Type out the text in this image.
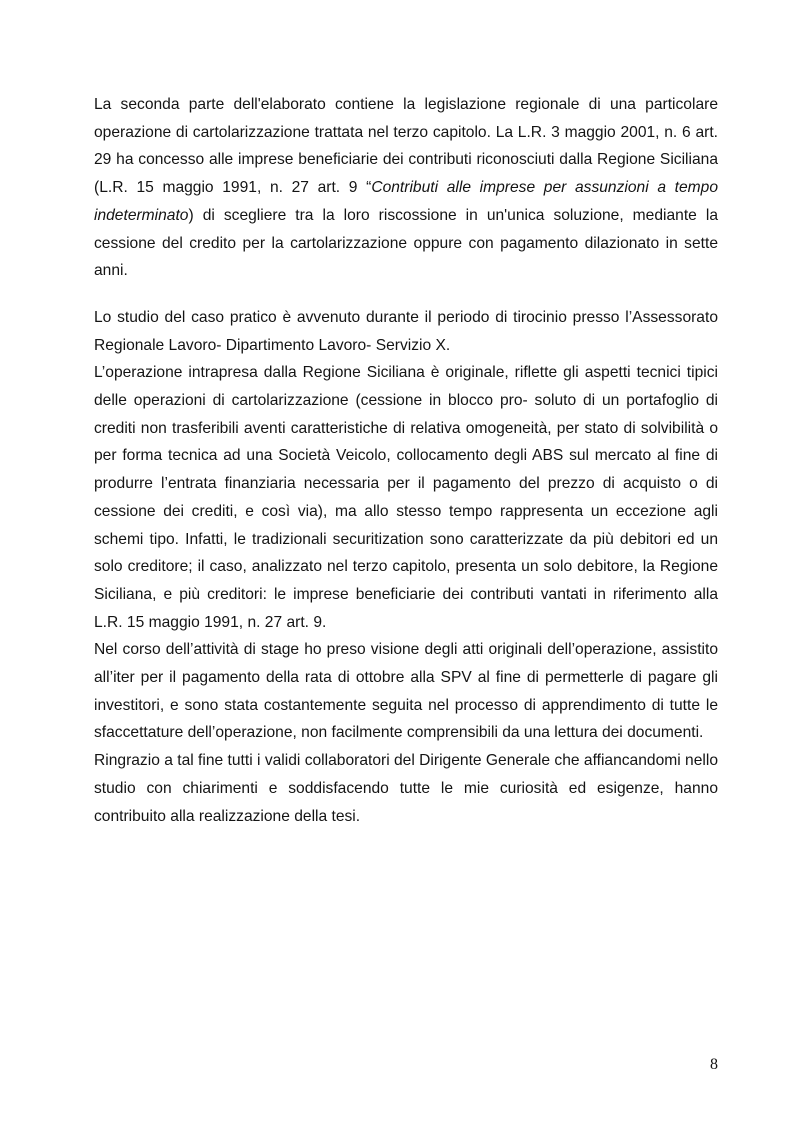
La seconda parte dell'elaborato contiene la legislazione regionale di una particolare operazione di cartolarizzazione trattata nel terzo capitolo. La L.R. 3 maggio 2001, n. 6 art. 29 ha concesso alle imprese beneficiarie dei contributi riconosciuti dalla Regione Siciliana (L.R. 15 maggio 1991, n. 27 art. 9 “Contributi alle imprese per assunzioni a tempo indeterminato) di scegliere tra la loro riscossione in un'unica soluzione, mediante la cessione del credito per la cartolarizzazione oppure con pagamento dilazionato in sette anni.

Lo studio del caso pratico è avvenuto durante il periodo di tirocinio presso l’Assessorato Regionale Lavoro- Dipartimento Lavoro- Servizio X.

L’operazione intrapresa dalla Regione Siciliana è originale, riflette gli aspetti tecnici tipici delle operazioni di cartolarizzazione (cessione in blocco pro- soluto di un portafoglio di crediti non trasferibili aventi caratteristiche di relativa omogeneità, per stato di solvibilità o per forma tecnica ad una Società Veicolo, collocamento degli ABS sul mercato al fine di produrre l’entrata finanziaria necessaria per il pagamento del prezzo di acquisto o di cessione dei crediti, e così via), ma allo stesso tempo rappresenta un eccezione agli schemi tipo. Infatti, le tradizionali securitization sono caratterizzate da più debitori ed un solo creditore; il caso, analizzato nel terzo capitolo, presenta un solo debitore, la Regione Siciliana, e più creditori: le imprese beneficiarie dei contributi vantati in riferimento alla L.R. 15 maggio 1991, n. 27 art. 9.

Nel corso dell’attività di stage ho preso visione degli atti originali dell’operazione, assistito all’iter per il pagamento della rata di ottobre alla SPV al fine di permetterle di pagare gli investitori, e sono stata costantemente seguita nel processo di apprendimento di tutte le sfaccettature dell’operazione, non facilmente comprensibili da una lettura dei documenti.

Ringrazio a tal fine tutti i validi collaboratori del Dirigente Generale che affiancandomi nello studio con chiarimenti e soddisfacendo tutte le mie curiosità ed esigenze, hanno contribuito alla realizzazione della tesi.

8
